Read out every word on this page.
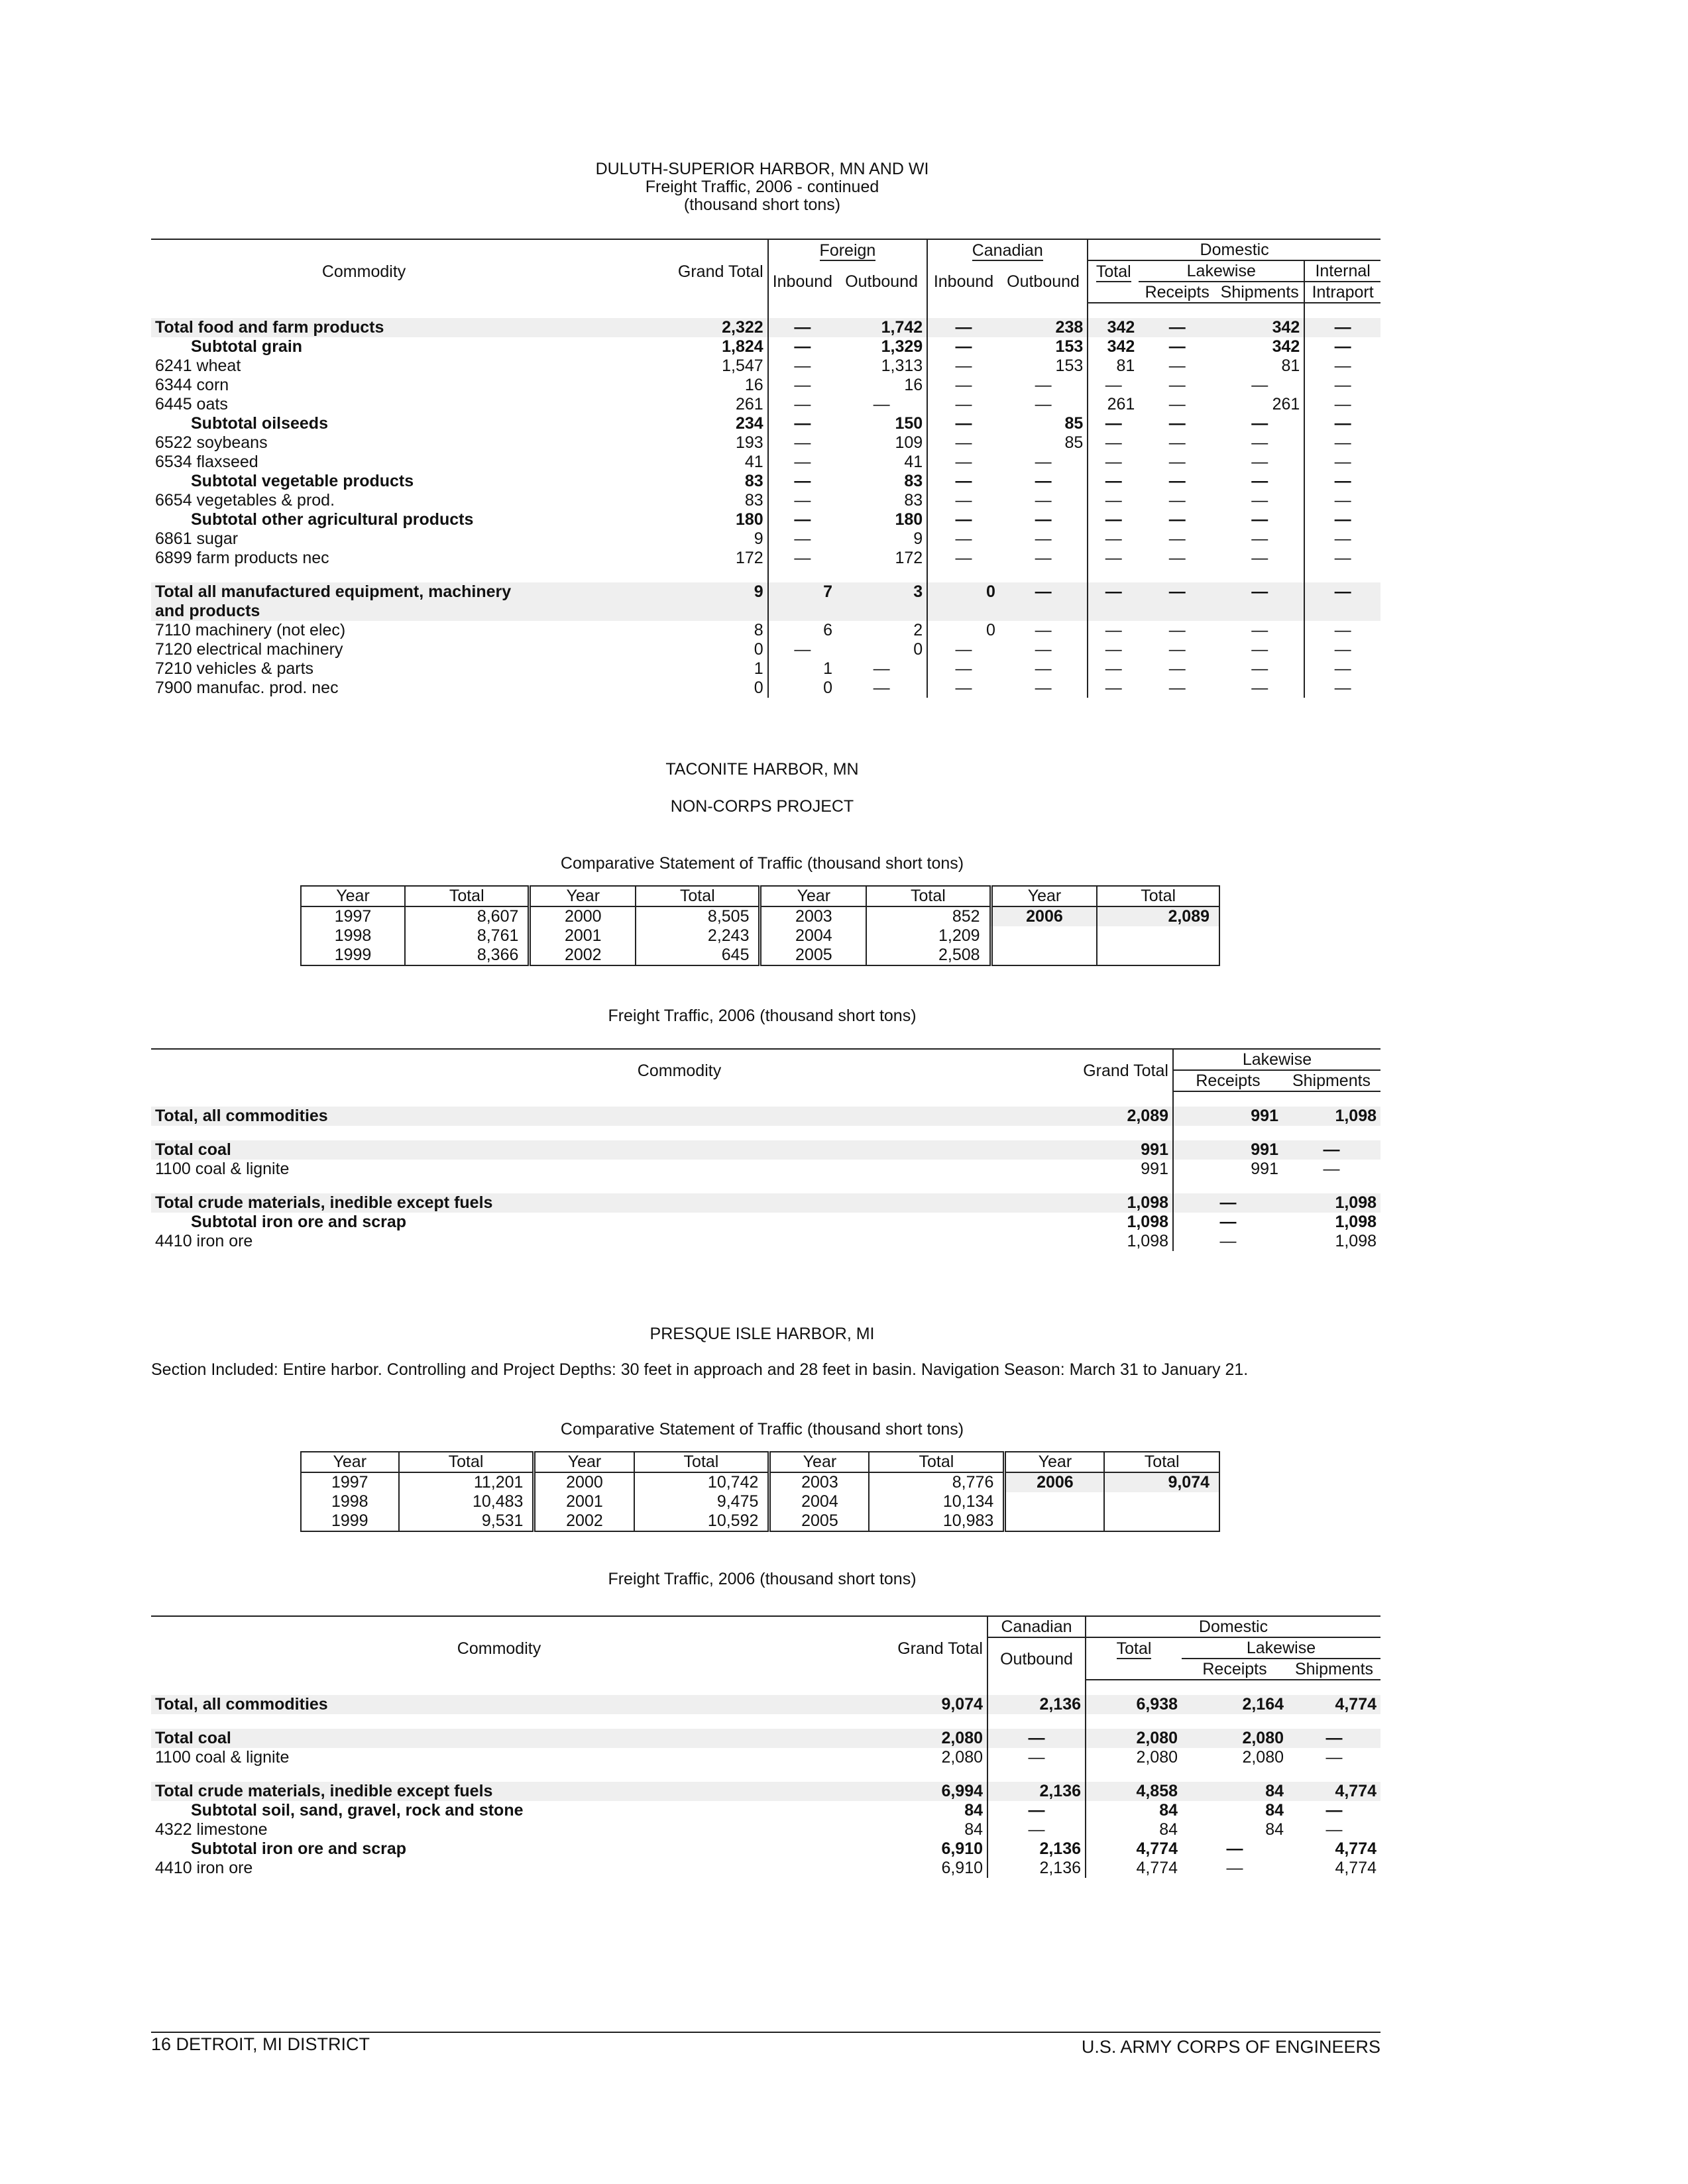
DULUTH-SUPERIOR HARBOR, MN AND WI
Freight Traffic, 2006 - continued
(thousand short tons)
Commodity	Grand Total	Foreign		Canadian		Domestic			
		Inbound	Outbound	Inbound	Outbound	Total	Lakewise		Internal
							Receipts	Shipments	Intraport

Total food and farm products	2,322	—	1,742	—	238	342	—	342	—
Subtotal grain	1,824	—	1,329	—	153	342	—	342	—
6241 wheat	1,547	—	1,313	—	153	81	—	81	—
6344 corn	16	—	16	—	—	—	—	—	—
6445 oats	261	—	—	—	—	261	—	261	—
Subtotal oilseeds	234	—	150	—	85	—	—	—	—
6522 soybeans	193	—	109	—	85	—	—	—	—
6534 flaxseed	41	—	41	—	—	—	—	—	—
Subtotal vegetable products	83	—	83	—	—	—	—	—	—
6654 vegetables & prod.	83	—	83	—	—	—	—	—	—
Subtotal other agricultural products	180	—	180	—	—	—	—	—	—
6861 sugar	9	—	9	—	—	—	—	—	—
6899 farm products nec	172	—	172	—	—	—	—	—	—

Total all manufactured equipment, machinery	9	7	3	0	—	—	—	—	—
and products									
7110 machinery (not elec)	8	6	2	0	—	—	—	—	—
7120 electrical machinery	0	—	0	—	—	—	—	—	—
7210 vehicles & parts	1	1	—	—	—	—	—	—	—
7900 manufac. prod. nec	0	0	—	—	—	—	—	—	—
TACONITE HARBOR, MN
NON-CORPS PROJECT
Comparative Statement of Traffic (thousand short tons)
Year	Total	Year	Total	Year	Total	Year	Total
1997	8,607	2000	8,505	2003	852	2006	2,089
1998	8,761	2001	2,243	2004	1,209		
1999	8,366	2002	645	2005	2,508		
Freight Traffic, 2006 (thousand short tons)
Commodity	Grand Total	Lakewise	
		Receipts	Shipments

Total, all commodities	2,089	991	1,098

Total coal	991	991	—
1100 coal & lignite	991	991	—

Total crude materials, inedible except fuels	1,098	—	1,098
Subtotal iron ore and scrap	1,098	—	1,098
4410 iron ore	1,098	—	1,098
PRESQUE ISLE HARBOR, MI
Section Included: Entire harbor. Controlling and Project Depths: 30 feet in approach and 28 feet in basin. Navigation Season: March 31 to January 21.
Comparative Statement of Traffic (thousand short tons)
Year	Total	Year	Total	Year	Total	Year	Total
1997	11,201	2000	10,742	2003	8,776	2006	9,074
1998	10,483	2001	9,475	2004	10,134		
1999	9,531	2002	10,592	2005	10,983		
Freight Traffic, 2006 (thousand short tons)
Commodity	Grand Total	Canadian	Domestic		
		Outbound	Total	Lakewise	
				Receipts	Shipments

Total, all commodities	9,074	2,136	6,938	2,164	4,774

Total coal	2,080	—	2,080	2,080	—
1100 coal & lignite	2,080	—	2,080	2,080	—

Total crude materials, inedible except fuels	6,994	2,136	4,858	84	4,774
Subtotal soil, sand, gravel, rock and stone	84	—	84	84	—
4322 limestone	84	—	84	84	—
Subtotal iron ore and scrap	6,910	2,136	4,774	—	4,774
4410 iron ore	6,910	2,136	4,774	—	4,774
16 DETROIT, MI DISTRICT	U.S. ARMY CORPS OF ENGINEERS
